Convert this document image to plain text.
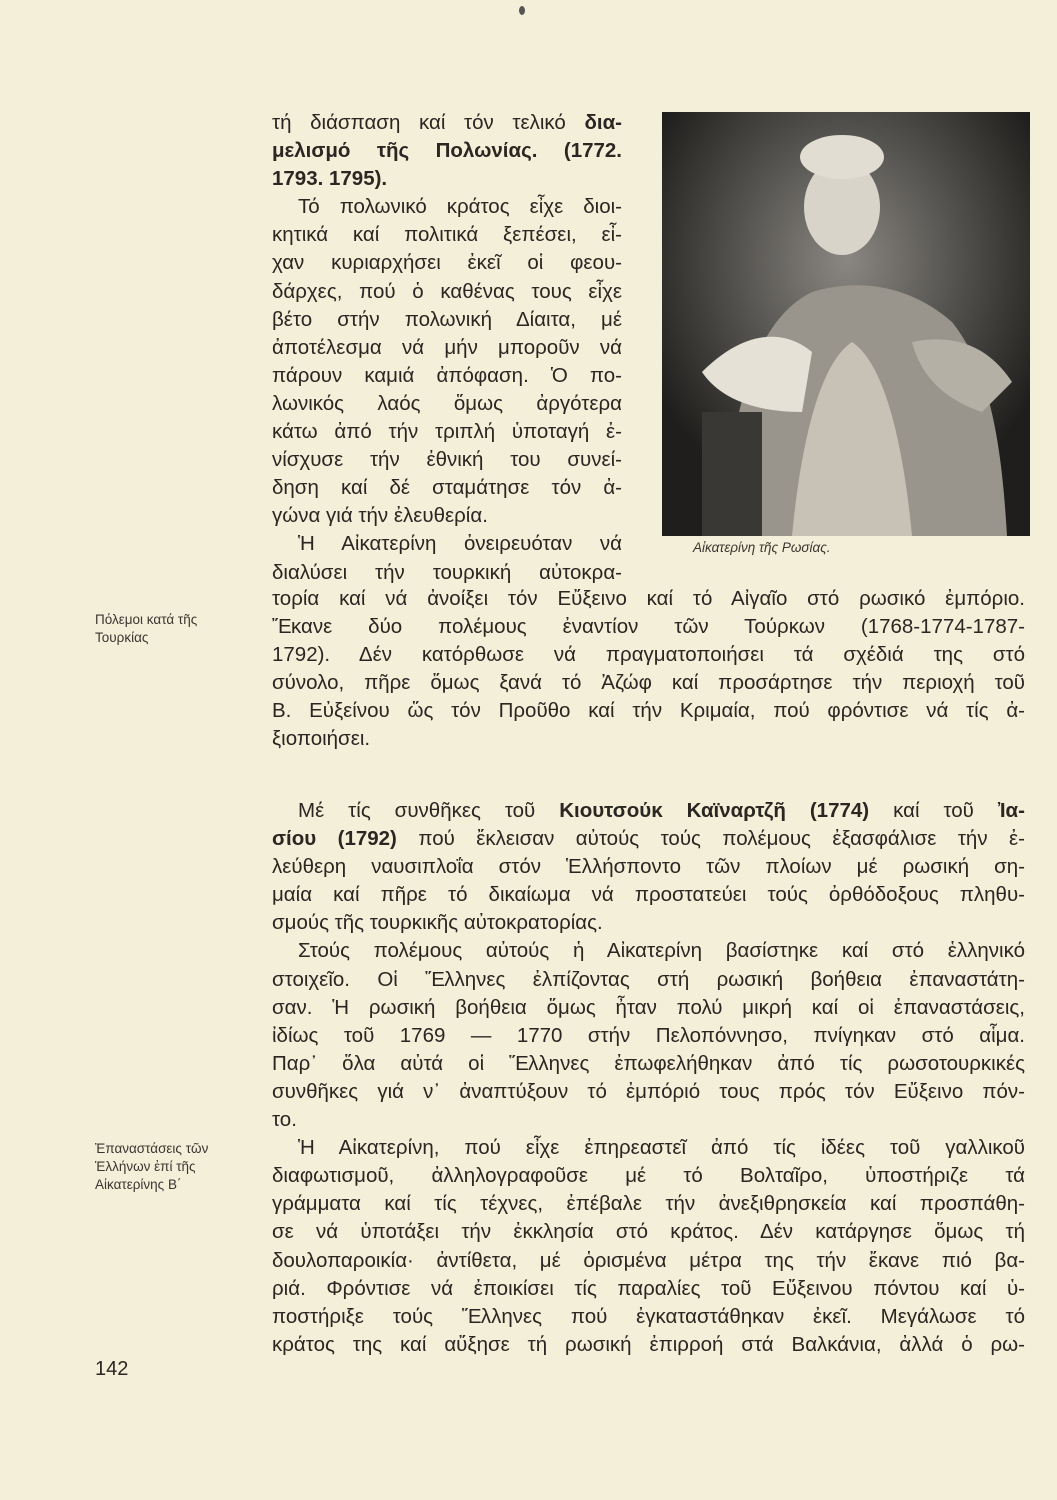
τή διάσπαση καί τόν τελικό δια-
μελισμό τῆς Πολωνίας. (1772.
1793. 1795).
Τό πολωνικό κράτος εἶχε διοι-
κητικά καί πολιτικά ξεπέσει, εἶ-
χαν κυριαρχήσει ἐκεῖ οἱ φεου-
δάρχες, πού ὁ καθένας τους εἶχε
βέτο στήν πολωνική Δίαιτα, μέ
ἀποτέλεσμα νά μήν μποροῦν νά
πάρουν καμιά ἀπόφαση. Ὁ πο-
λωνικός λαός ὅμως ἀργότερα
κάτω ἀπό τήν τριπλή ὑποταγή ἐ-
νίσχυσε τήν ἐθνική του συνεί-
δηση καί δέ σταμάτησε τόν ἀ-
γώνα γιά τήν ἐλευθερία.
Ἡ Αἰκατερίνη ὀνειρευόταν νά
διαλύσει τήν τουρκική αὐτοκρα-
τορία καί νά ἀνοίξει τόν Εὔξεινο καί τό Αἰγαῖο στό ρωσικό ἐμπόριο.
Ἔκανε δύο πολέμους ἐναντίον τῶν Τούρκων (1768-1774-1787-
1792). Δέν κατόρθωσε νά πραγματοποιήσει τά σχέδιά της στό
σύνολο, πῆρε ὅμως ξανά τό Ἀζώφ καί προσάρτησε τήν περιοχή τοῦ
Β. Εὐξείνου ὥς τόν Προῦθο καί τήν Κριμαία, πού φρόντισε νά τίς ἀ-
ξιοποιήσει.
Μέ τίς συνθῆκες τοῦ Κιουτσούκ Καϊναρτζῆ (1774) καί τοῦ Ἰα-
σίου (1792) πού ἔκλεισαν αὐτούς τούς πολέμους ἐξασφάλισε τήν ἐ-
λεύθερη ναυσιπλοΐα στόν Ἑλλήσποντο τῶν πλοίων μέ ρωσική ση-
μαία καί πῆρε τό δικαίωμα νά προστατεύει τούς ὀρθόδοξους πληθυ-
σμούς τῆς τουρκικῆς αὐτοκρατορίας.
Στούς πολέμους αὐτούς ἡ Αἰκατερίνη βασίστηκε καί στό ἑλληνικό
στοιχεῖο. Οἱ Ἕλληνες ἐλπίζοντας στή ρωσική βοήθεια ἐπαναστάτη-
σαν. Ἡ ρωσική βοήθεια ὅμως ἦταν πολύ μικρή καί οἱ ἐπαναστάσεις,
ἰδίως τοῦ 1769 — 1770 στήν Πελοπόννησο, πνίγηκαν στό αἷμα.
Παρ᾽ ὅλα αὐτά οἱ Ἕλληνες ἐπωφελήθηκαν ἀπό τίς ρωσοτουρκικές
συνθῆκες γιά ν᾽ ἀναπτύξουν τό ἐμπόριό τους πρός τόν Εὔξεινο πόν-
το.
Ἡ Αἰκατερίνη, πού εἶχε ἐπηρεαστεῖ ἀπό τίς ἰδέες τοῦ γαλλικοῦ
διαφωτισμοῦ, ἀλληλογραφοῦσε μέ τό Βολταῖρο, ὑποστήριζε τά
γράμματα καί τίς τέχνες, ἐπέβαλε τήν ἀνεξιθρησκεία καί προσπάθη-
σε νά ὑποτάξει τήν ἐκκλησία στό κράτος. Δέν κατάργησε ὅμως τή
δουλοπαροικία· ἀντίθετα, μέ ὁρισμένα μέτρα της τήν ἔκανε πιό βα-
ριά. Φρόντισε νά ἐποικίσει τίς παραλίες τοῦ Εὔξεινου πόντου καί ὑ-
ποστήριξε τούς Ἕλληνες πού ἐγκαταστάθηκαν ἐκεῖ. Μεγάλωσε τό
κράτος της καί αὔξησε τή ρωσική ἐπιρροή στά Βαλκάνια, ἀλλά ὁ ρω-
Αἰκατερίνη τῆς Ρωσίας.
Πόλεμοι κατά τῆς
Τουρκίας
Ἐπαναστάσεις τῶν
Ἑλλήνων ἐπί τῆς
Αἰκατερίνης Β΄
142
